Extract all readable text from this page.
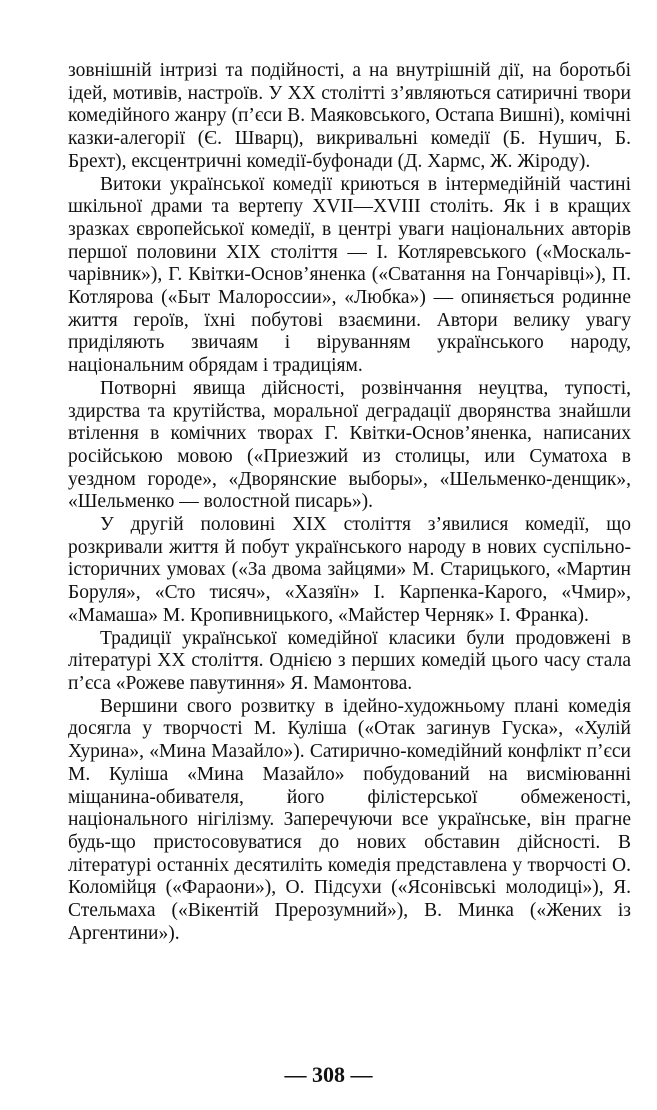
зовнішній інтризі та подійності, а на внутрішній дії, на боротьбі ідей, мотивів, настроїв. У XX столітті з’являються сатиричні твори комедійного жанру (п’єси В. Маяковського, Остапа Вишні), комічні казки-алегорії (Є. Шварц), викривальні комедії (Б. Нушич, Б. Брехт), ексцентричні комедії-буфонади (Д. Хармс, Ж. Жіроду).

Витоки української комедії криються в інтермедійній частині шкільної драми та вертепу XVII—XVIII століть. Як і в кращих зразках європейської комедії, в центрі уваги національних авторів першої половини XIX століття — І. Котляревського («Москаль-чарівник»), Г. Квітки-Основ’яненка («Сватання на Гончарівці»), П. Котлярова («Быт Малороссии», «Любка») — опиняється родинне життя героїв, їхні побутові взаємини. Автори велику увагу приділяють звичаям і віруванням українського народу, національним обрядам і традиціям.

Потворні явища дійсності, розвінчання неуцтва, тупості, здирства та крутійства, моральної деградації дворянства знайшли втілення в комічних творах Г. Квітки-Основ’яненка, написаних російською мовою («Приезжий из столицы, или Суматоха в уездном городе», «Дворянские выборы», «Шельменко-денщик», «Шельменко — волостной писарь»).

У другій половині XIX століття з’явилися комедії, що розкривали життя й побут українського народу в нових суспільно-історичних умовах («За двома зайцями» М. Старицького, «Мартин Боруля», «Сто тисяч», «Хазяїн» І. Карпенка-Карого, «Чмир», «Мамаша» М. Кропивницького, «Майстер Черняк» І. Франка).

Традиції української комедійної класики були продовжені в літературі XX століття. Однією з перших комедій цього часу стала п’єса «Рожеве павутиння» Я. Мамонтова.

Вершини свого розвитку в ідейно-художньому плані комедія досягла у творчості М. Куліша («Отак загинув Гуска», «Хулій Хурина», «Мина Мазайло»). Сатирично-комедійний конфлікт п’єси М. Куліша «Мина Мазайло» побудований на висміюванні міщанина-обивателя, його філістерської обмеженості, національного нігілізму. Заперечуючи все українське, він прагне будь-що пристосовуватися до нових обставин дійсності. В літературі останніх десятиліть комедія представлена у творчості О. Коломійця («Фараони»), О. Підсухи («Ясонівські молодиці»), Я. Стельмаха («Вікентій Прерозумний»), В. Минка («Жених із Аргентини»).

— 308 —
